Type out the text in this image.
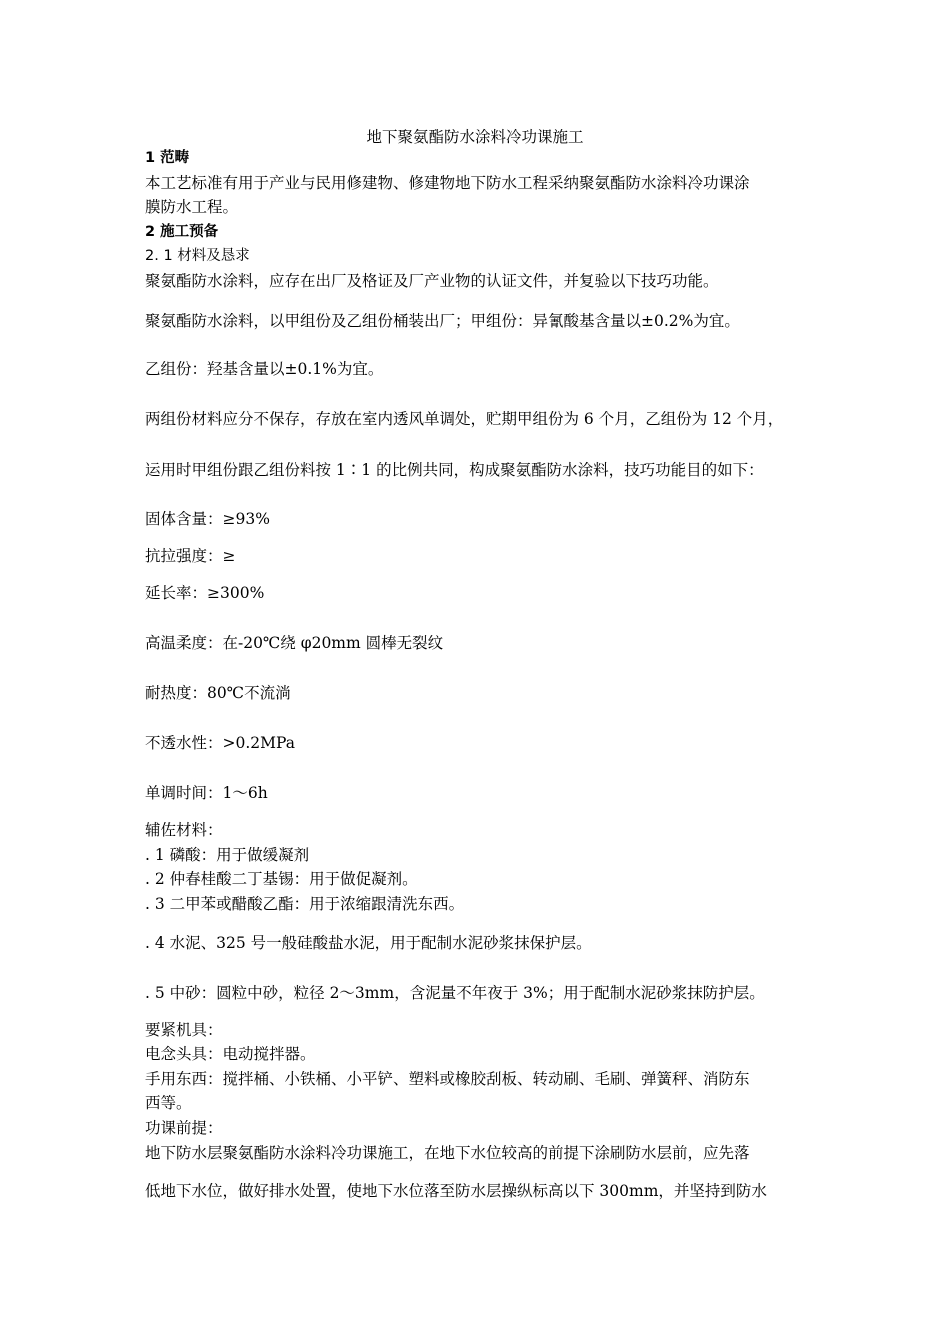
地下聚氨酯防水涂料冷功课施工
1 范畴
本工艺标准有用于产业与民用修建物、修建物地下防水工程采纳聚氨酯防水涂料冷功课涂
膜防水工程。
2 施工预备
2. 1 材料及恳求
聚氨酯防水涂料，应存在出厂及格证及厂产业物的认证文件，并复验以下技巧功能。
聚氨酯防水涂料，以甲组份及乙组份桶装出厂；甲组份：异氰酸基含量以±0.2%为宜。
乙组份：羟基含量以±0.1%为宜。
两组份材料应分不保存，存放在室内透风单调处，贮期甲组份为 6 个月，乙组份为 12 个月，
运用时甲组份跟乙组份料按 1∶1 的比例共同，构成聚氨酯防水涂料，技巧功能目的如下：
固体含量：≥93%
抗拉强度：≥
延长率：≥300%
高温柔度：在-20℃绕 φ20mm 圆棒无裂纹
耐热度：80℃不流淌
不透水性：>0.2MPa
单调时间：1～6h
辅佐材料：
. 1 磷酸：用于做缓凝剂
. 2 仲春桂酸二丁基锡：用于做促凝剂。
. 3 二甲苯或醋酸乙酯：用于浓缩跟清洗东西。
. 4 水泥、325 号一般硅酸盐水泥，用于配制水泥砂浆抹保护层。
. 5 中砂：圆粒中砂，粒径 2～3mm，含泥量不年夜于 3%；用于配制水泥砂浆抹防护层。
要紧机具：
电念头具：电动搅拌器。
手用东西：搅拌桶、小铁桶、小平铲、塑料或橡胶刮板、转动刷、毛刷、弹簧秤、消防东
西等。
功课前提：
地下防水层聚氨酯防水涂料冷功课施工，在地下水位较高的前提下涂刷防水层前，应先落
低地下水位，做好排水处置，使地下水位落至防水层操纵标高以下 300mm，并坚持到防水
